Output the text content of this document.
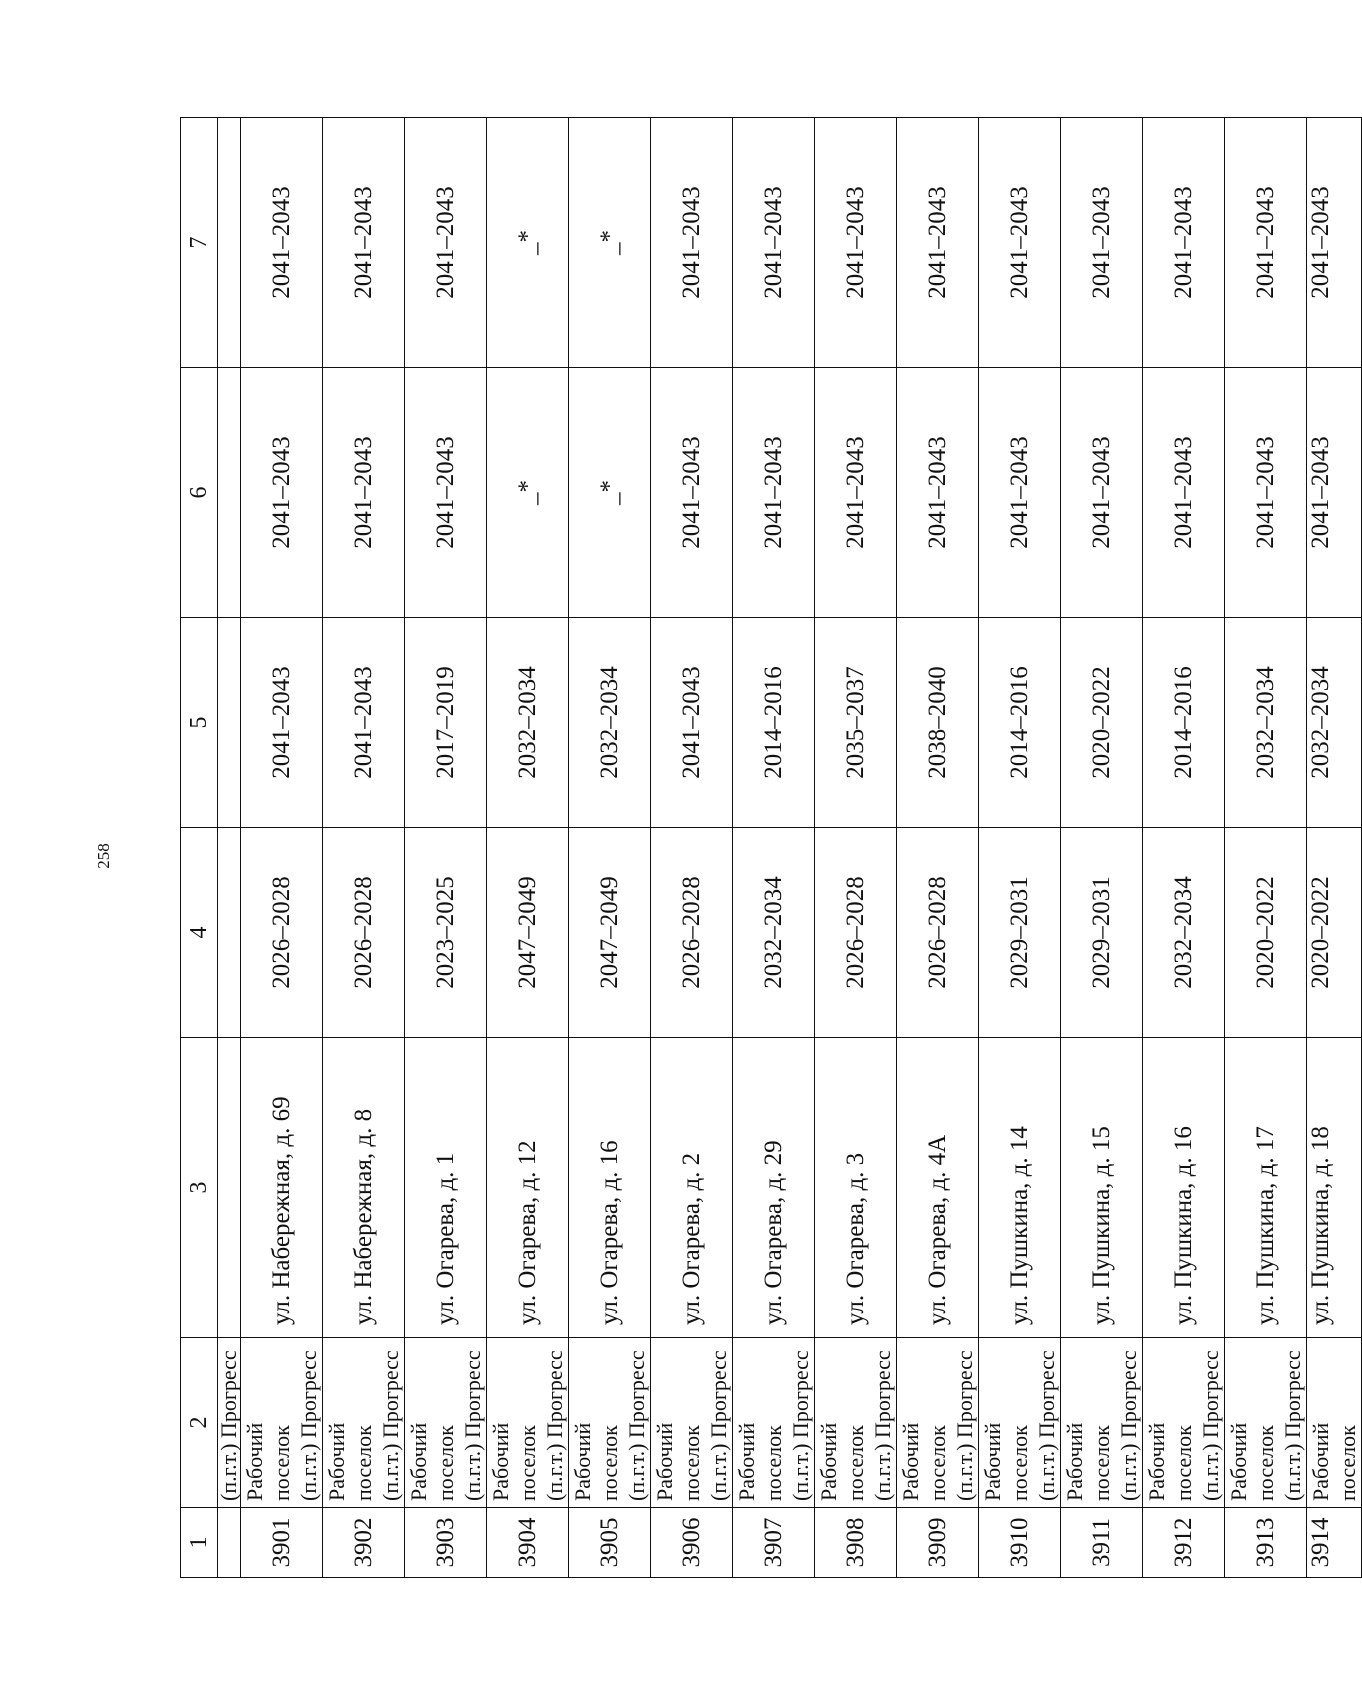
258
1	2	3	4	5	6	7
	(п.г.т.) Прогресс					
3901	Рабочий поселок (п.г.т.) Прогресс	ул. Набережная, д. 69	2026–2028	2041–2043	2041–2043	2041–2043
3902	Рабочий поселок (п.г.т.) Прогресс	ул. Набережная, д. 8	2026–2028	2041–2043	2041–2043	2041–2043
3903	Рабочий поселок (п.г.т.) Прогресс	ул. Огарева, д. 1	2023–2025	2017–2019	2041–2043	2041–2043
3904	Рабочий поселок (п.г.т.) Прогресс	ул. Огарева, д. 12	2047–2049	2032–2034	_*	_*
3905	Рабочий поселок (п.г.т.) Прогресс	ул. Огарева, д. 16	2047–2049	2032–2034	_*	_*
3906	Рабочий поселок (п.г.т.) Прогресс	ул. Огарева, д. 2	2026–2028	2041–2043	2041–2043	2041–2043
3907	Рабочий поселок (п.г.т.) Прогресс	ул. Огарева, д. 29	2032–2034	2014–2016	2041–2043	2041–2043
3908	Рабочий поселок (п.г.т.) Прогресс	ул. Огарева, д. 3	2026–2028	2035–2037	2041–2043	2041–2043
3909	Рабочий поселок (п.г.т.) Прогресс	ул. Огарева, д. 4А	2026–2028	2038–2040	2041–2043	2041–2043
3910	Рабочий поселок (п.г.т.) Прогресс	ул. Пушкина, д. 14	2029–2031	2014–2016	2041–2043	2041–2043
3911	Рабочий поселок (п.г.т.) Прогресс	ул. Пушкина, д. 15	2029–2031	2020–2022	2041–2043	2041–2043
3912	Рабочий поселок (п.г.т.) Прогресс	ул. Пушкина, д. 16	2032–2034	2014–2016	2041–2043	2041–2043
3913	Рабочий поселок (п.г.т.) Прогресс	ул. Пушкина, д. 17	2020–2022	2032–2034	2041–2043	2041–2043
3914	Рабочий поселок	ул. Пушкина, д. 18	2020–2022	2032–2034	2041–2043	2041–2043
